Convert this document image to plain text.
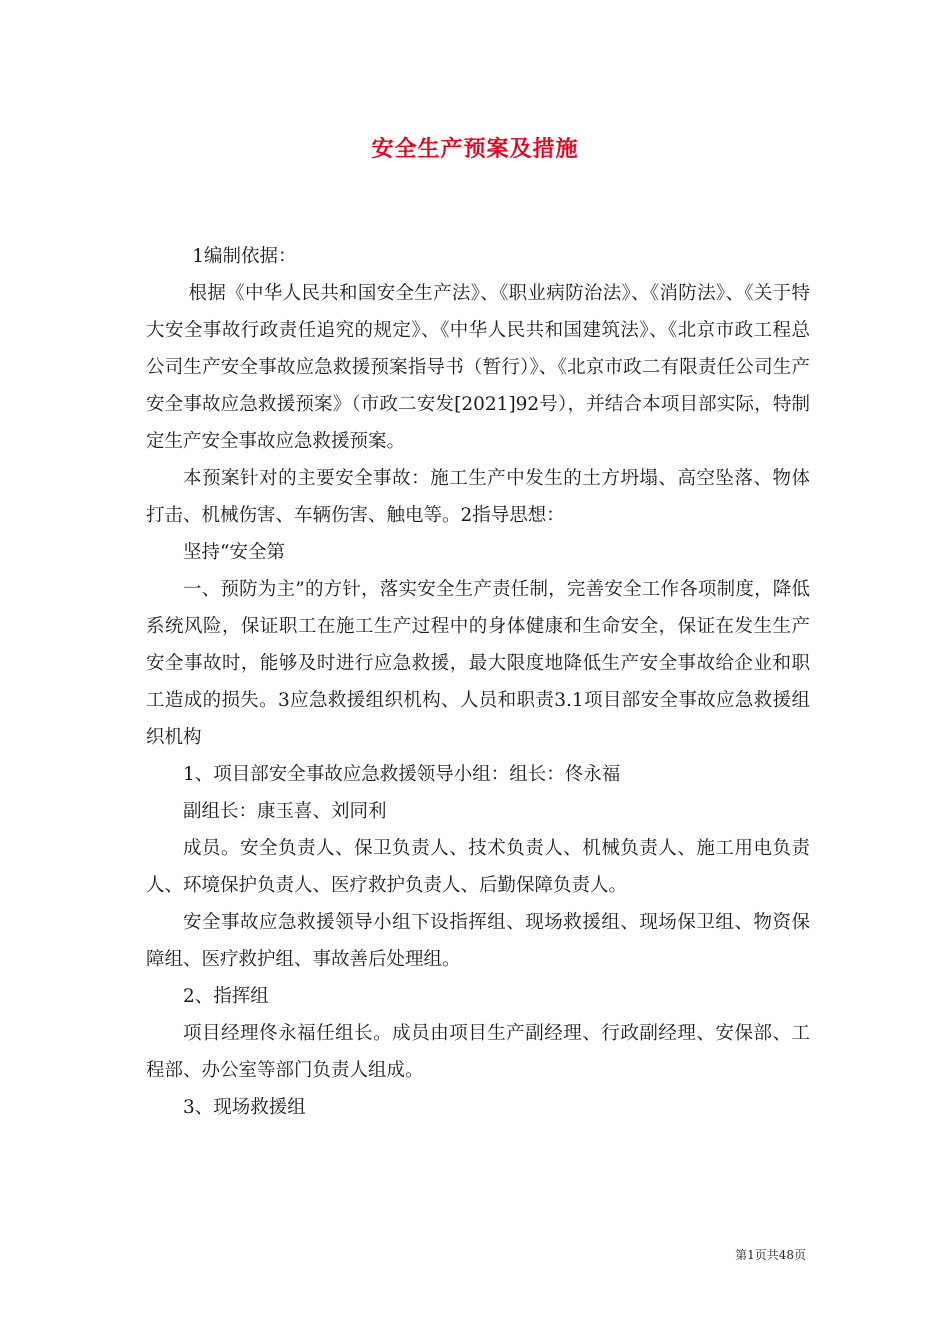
安全生产预案及措施

1编制依据：

根据《中华人民共和国安全生产法》、《职业病防治法》、《消防法》、《关于特大安全事故行政责任追究的规定》、《中华人民共和国建筑法》、《北京市政工程总公司生产安全事故应急救援预案指导书（暂行）》、《北京市政二有限责任公司生产安全事故应急救援预案》（市政二安发[2021]92号），并结合本项目部实际，特制定生产安全事故应急救援预案。

本预案针对的主要安全事故：施工生产中发生的土方坍塌、高空坠落、物体打击、机械伤害、车辆伤害、触电等。2指导思想：

坚持“安全第

一、预防为主”的方针，落实安全生产责任制，完善安全工作各项制度，降低系统风险，保证职工在施工生产过程中的身体健康和生命安全，保证在发生生产安全事故时，能够及时进行应急救援，最大限度地降低生产安全事故给企业和职工造成的损失。3应急救援组织机构、人员和职责3.1项目部安全事故应急救援组织机构

1、项目部安全事故应急救援领导小组：组长：佟永福

副组长：康玉喜、刘同利

成员。安全负责人、保卫负责人、技术负责人、机械负责人、施工用电负责人、环境保护负责人、医疗救护负责人、后勤保障负责人。

安全事故应急救援领导小组下设指挥组、现场救援组、现场保卫组、物资保障组、医疗救护组、事故善后处理组。

2、指挥组

项目经理佟永福任组长。成员由项目生产副经理、行政副经理、安保部、工程部、办公室等部门负责人组成。

3、现场救援组

第1页共48页
